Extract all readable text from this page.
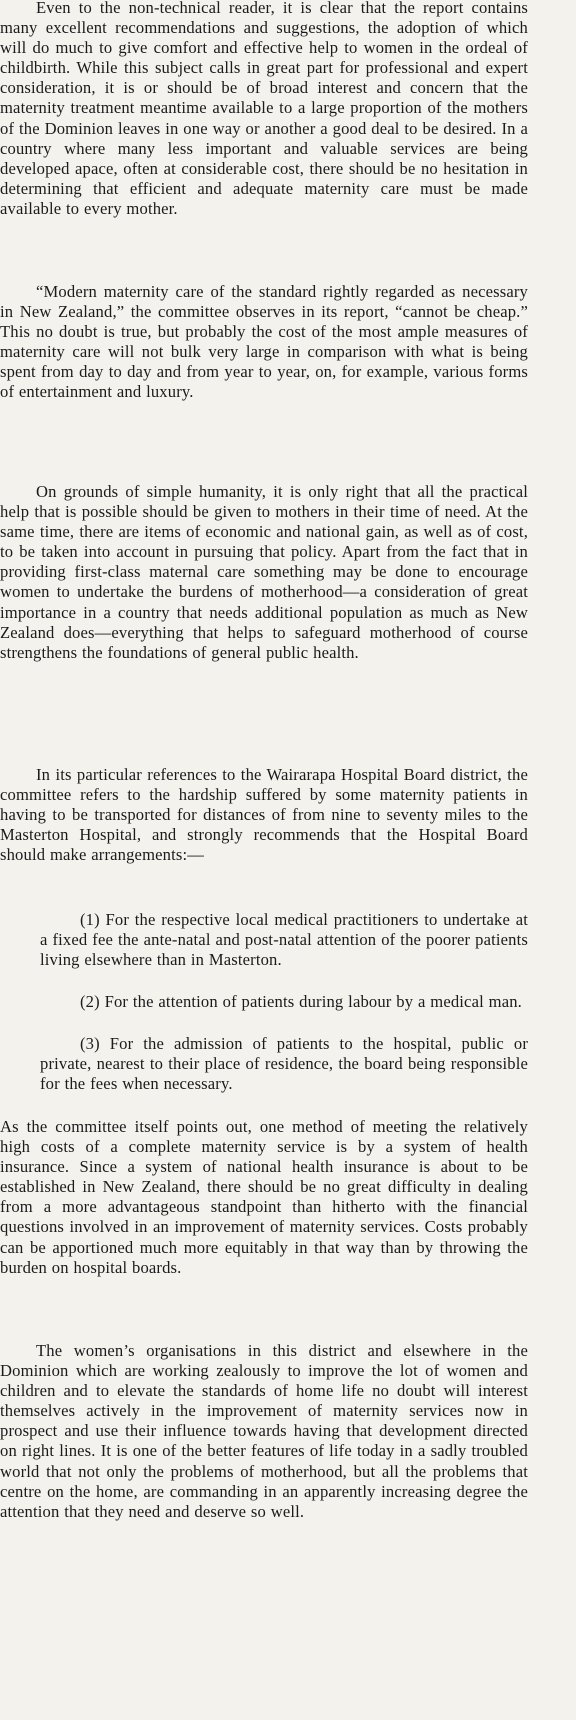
Even to the non-technical reader, it is clear that the report contains many excellent recommendations and suggestions, the adoption of which will do much to give comfort and effective help to women in the ordeal of childbirth. While this subject calls in great part for professional and expert consideration, it is or should be of broad interest and concern that the maternity treatment meantime available to a large proportion of the mothers of the Dominion leaves in one way or another a good deal to be desired. In a country where many less important and valuable services are being developed apace, often at considerable cost, there should be no hesitation in determining that efficient and adequate maternity care must be made available to every mother.

“Modern maternity care of the standard rightly regarded as necessary in New Zealand,” the committee observes in its report, “cannot be cheap.” This no doubt is true, but probably the cost of the most ample measures of maternity care will not bulk very large in comparison with what is being spent from day to day and from year to year, on, for example, various forms of entertainment and luxury.

On grounds of simple humanity, it is only right that all the practical help that is possible should be given to mothers in their time of need. At the same time, there are items of economic and national gain, as well as of cost, to be taken into account in pursuing that policy. Apart from the fact that in providing first-class maternal care something may be done to encourage women to undertake the burdens of motherhood—a consideration of great importance in a country that needs additional population as much as New Zealand does—everything that helps to safeguard motherhood of course strengthens the foundations of general public health.

In its particular references to the Wairarapa Hospital Board district, the committee refers to the hardship suffered by some maternity patients in having to be transported for distances of from nine to seventy miles to the Masterton Hospital, and strongly recommends that the Hospital Board should make arrangements:—

(1) For the respective local medical practitioners to undertake at a fixed fee the ante-natal and post-natal attention of the poorer patients living elsewhere than in Masterton.

(2) For the attention of patients during labour by a medical man.

(3) For the admission of patients to the hospital, public or private, nearest to their place of residence, the board being responsible for the fees when necessary.

As the committee itself points out, one method of meeting the relatively high costs of a complete maternity service is by a system of health insurance. Since a system of national health insurance is about to be established in New Zealand, there should be no great difficulty in dealing from a more advantageous standpoint than hitherto with the financial questions involved in an improvement of maternity services. Costs probably can be apportioned much more equitably in that way than by throwing the burden on hospital boards.

The women’s organisations in this district and elsewhere in the Dominion which are working zealously to improve the lot of women and children and to elevate the standards of home life no doubt will interest themselves actively in the improvement of maternity services now in prospect and use their influence towards having that development directed on right lines. It is one of the better features of life today in a sadly troubled world that not only the problems of motherhood, but all the problems that centre on the home, are commanding in an apparently increasing degree the attention that they need and deserve so well.
